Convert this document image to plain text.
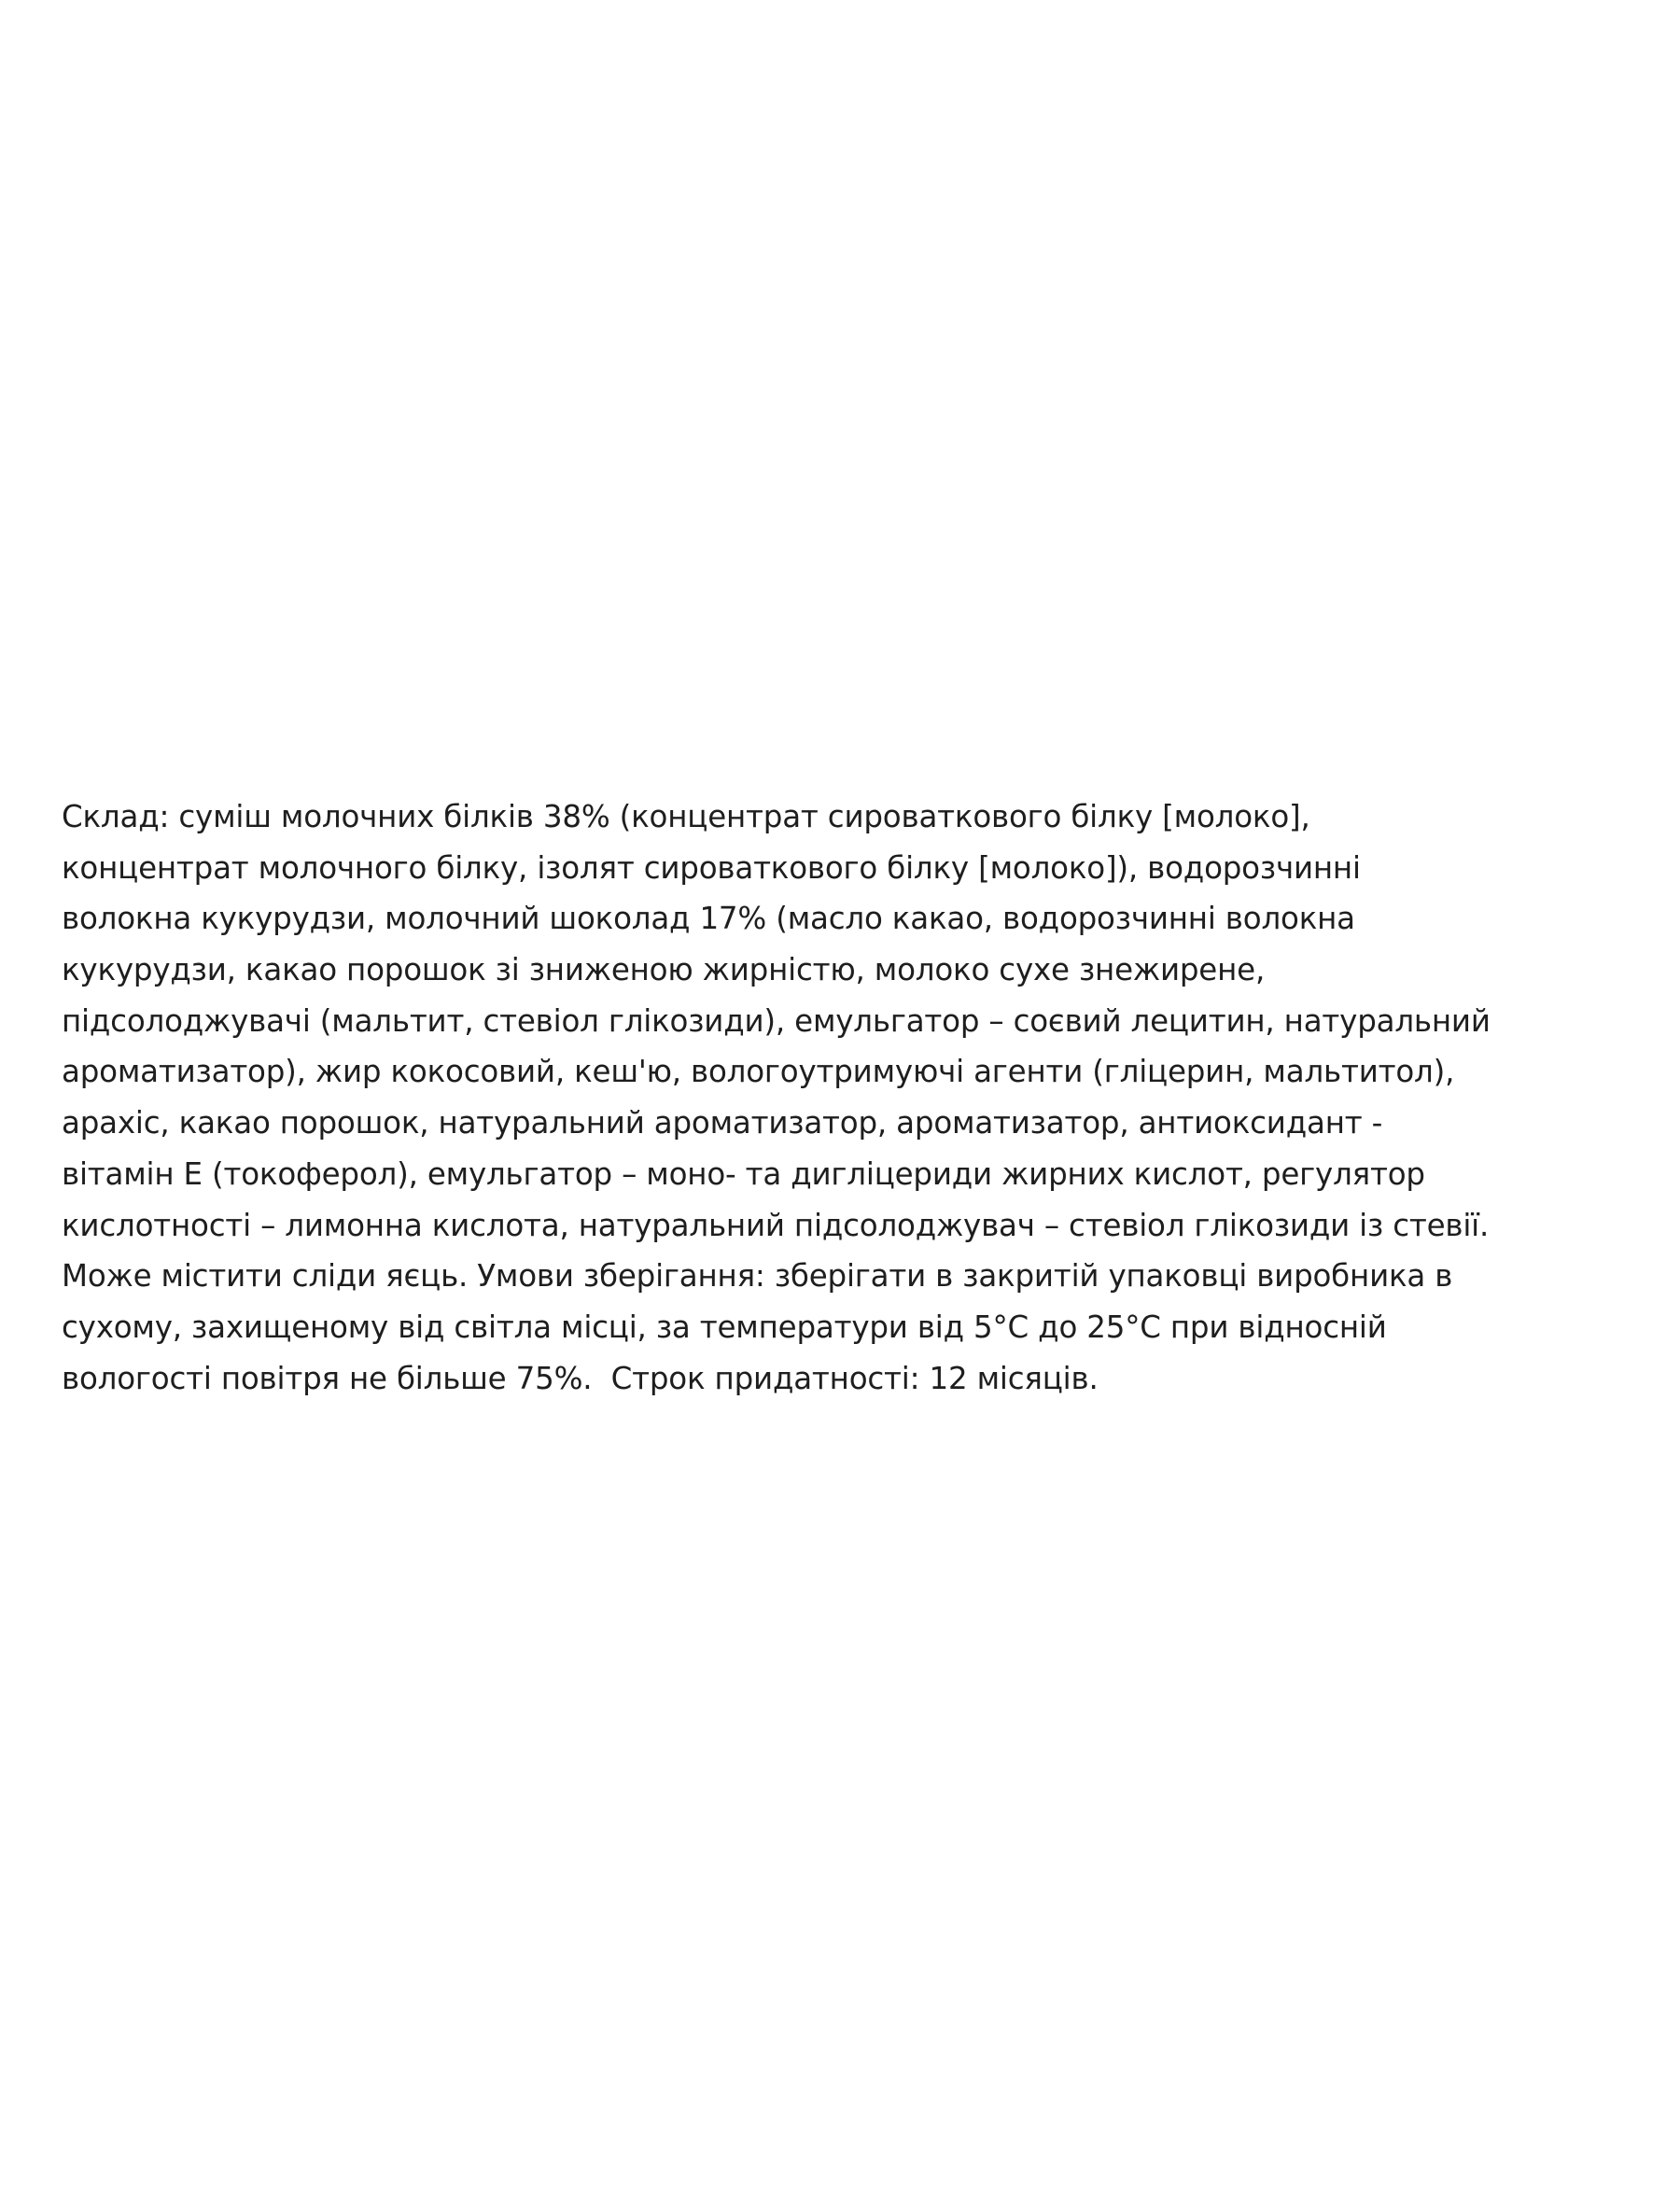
Склад: суміш молочних білків 38% (концентрат сироваткового білку [молоко],
концентрат молочного білку, ізолят сироваткового білку [молоко]), водорозчинні
волокна кукурудзи, молочний шоколад 17% (масло какао, водорозчинні волокна
кукурудзи, какао порошок зі зниженою жирністю, молоко сухе знежирене,
підсолоджувачі (мальтит, стевіол глікозиди), емульгатор – соєвий лецитин, натуральний
ароматизатор), жир кокосовий, кеш'ю, вологоутримуючі агенти (гліцерин, мальтитол),
арахіс, какао порошок, натуральний ароматизатор, ароматизатор, антиоксидант -
вітамін Е (токоферол), емульгатор – моно- та дигліцериди жирних кислот, регулятор
кислотності – лимонна кислота, натуральний підсолоджувач – стевіол глікозиди із стевії.
Може містити сліди яєць. Умови зберігання: зберігати в закритій упаковці виробника в
сухому, захищеному від світла місці, за температури від 5°С до 25°С при відносній
вологості повітря не більше 75%.  Строк придатності: 12 місяців.
